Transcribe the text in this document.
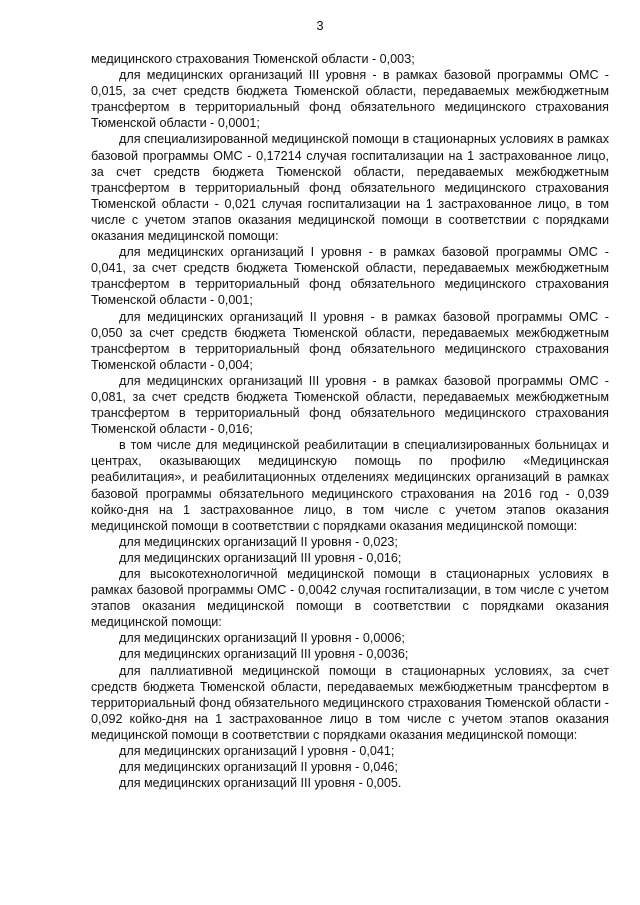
3

медицинского страхования Тюменской области - 0,003;

для медицинских организаций III уровня - в рамках базовой программы ОМС - 0,015, за счет средств бюджета Тюменской области, передаваемых межбюджетным трансфертом в территориальный фонд обязательного медицинского страхования Тюменской области - 0,0001;

для специализированной медицинской помощи в стационарных условиях в рамках базовой программы ОМС - 0,17214 случая госпитализации на 1 застрахованное лицо, за счет средств бюджета Тюменской области, передаваемых межбюджетным трансфертом в территориальный фонд обязательного медицинского страхования Тюменской области - 0,021 случая госпитализации на 1 застрахованное лицо, в том числе с учетом этапов оказания медицинской помощи в соответствии с порядками оказания медицинской помощи:

для медицинских организаций I уровня - в рамках базовой программы ОМС - 0,041, за счет средств бюджета Тюменской области, передаваемых межбюджетным трансфертом в территориальный фонд обязательного медицинского страхования Тюменской области - 0,001;

для медицинских организаций II уровня - в рамках базовой программы ОМС - 0,050 за счет средств бюджета Тюменской области, передаваемых межбюджетным трансфертом в территориальный фонд обязательного медицинского страхования Тюменской области - 0,004;

для медицинских организаций III уровня - в рамках базовой программы ОМС - 0,081, за счет средств бюджета Тюменской области, передаваемых межбюджетным трансфертом в территориальный фонд обязательного медицинского страхования Тюменской области - 0,016;

в том числе для медицинской реабилитации в специализированных больницах и центрах, оказывающих медицинскую помощь по профилю «Медицинская реабилитация», и реабилитационных отделениях медицинских организаций в рамках базовой программы обязательного медицинского страхования на 2016 год - 0,039 койко-дня на 1 застрахованное лицо, в том числе с учетом этапов оказания медицинской помощи в соответствии с порядками оказания медицинской помощи:

для медицинских организаций II уровня - 0,023;

для медицинских организаций III уровня - 0,016;

для высокотехнологичной медицинской помощи в стационарных условиях в рамках базовой программы ОМС - 0,0042 случая госпитализации, в том числе с учетом этапов оказания медицинской помощи в соответствии с порядками оказания медицинской помощи:

для медицинских организаций II уровня - 0,0006;

для медицинских организаций III уровня - 0,0036;

для паллиативной медицинской помощи в стационарных условиях, за счет средств бюджета Тюменской области, передаваемых межбюджетным трансфертом в территориальный фонд обязательного медицинского страхования Тюменской области - 0,092 койко-дня на 1 застрахованное лицо в том числе с учетом этапов оказания медицинской помощи в соответствии с порядками оказания медицинской помощи:

для медицинских организаций I уровня - 0,041;

для медицинских организаций II уровня - 0,046;

для медицинских организаций III уровня - 0,005.
